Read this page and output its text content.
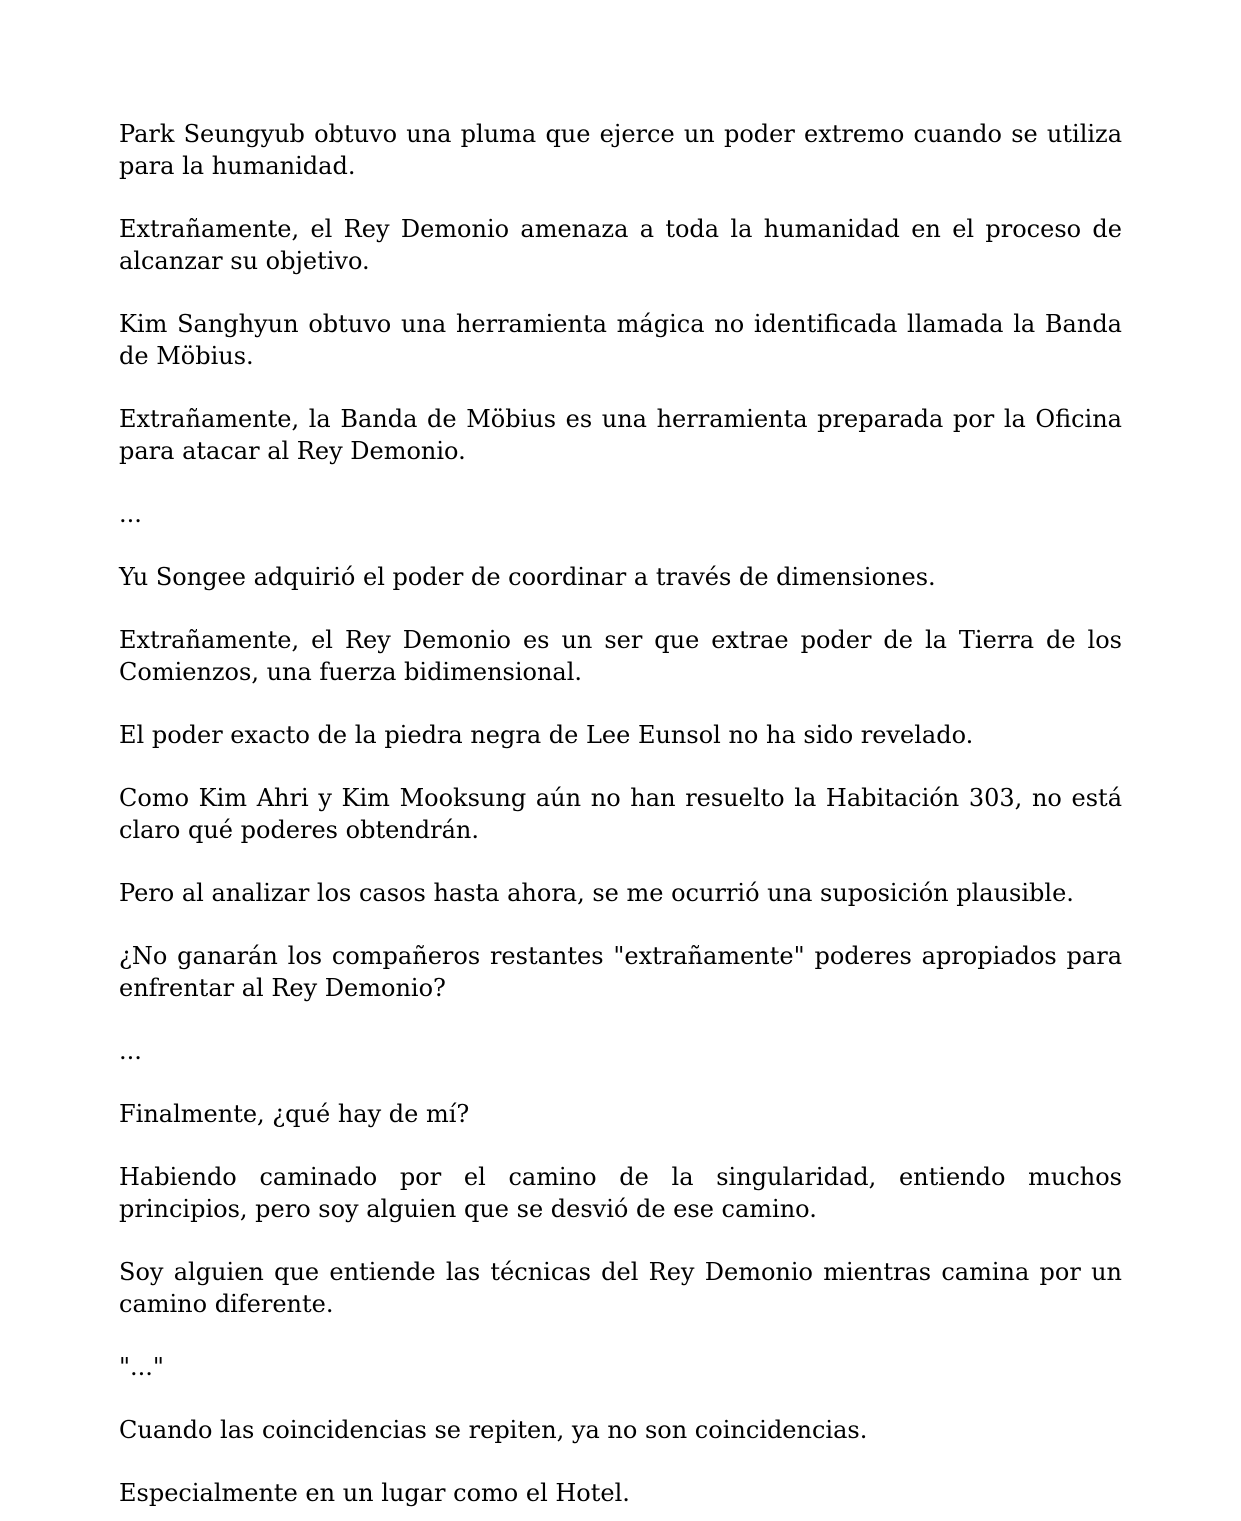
Park Seungyub obtuvo una pluma que ejerce un poder extremo cuando se utiliza para la humanidad.

Extrañamente, el Rey Demonio amenaza a toda la humanidad en el proceso de alcanzar su objetivo.

Kim Sanghyun obtuvo una herramienta mágica no identificada llamada la Banda de Möbius.

Extrañamente, la Banda de Möbius es una herramienta preparada por la Oficina para atacar al Rey Demonio.

...

Yu Songee adquirió el poder de coordinar a través de dimensiones.

Extrañamente, el Rey Demonio es un ser que extrae poder de la Tierra de los Comienzos, una fuerza bidimensional.

El poder exacto de la piedra negra de Lee Eunsol no ha sido revelado.

Como Kim Ahri y Kim Mooksung aún no han resuelto la Habitación 303, no está claro qué poderes obtendrán.

Pero al analizar los casos hasta ahora, se me ocurrió una suposición plausible.

¿No ganarán los compañeros restantes "extrañamente" poderes apropiados para enfrentar al Rey Demonio?

...

Finalmente, ¿qué hay de mí?

Habiendo caminado por el camino de la singularidad, entiendo muchos principios, pero soy alguien que se desvió de ese camino.

Soy alguien que entiende las técnicas del Rey Demonio mientras camina por un camino diferente.

"..."

Cuando las coincidencias se repiten, ya no son coincidencias.

Especialmente en un lugar como el Hotel.
